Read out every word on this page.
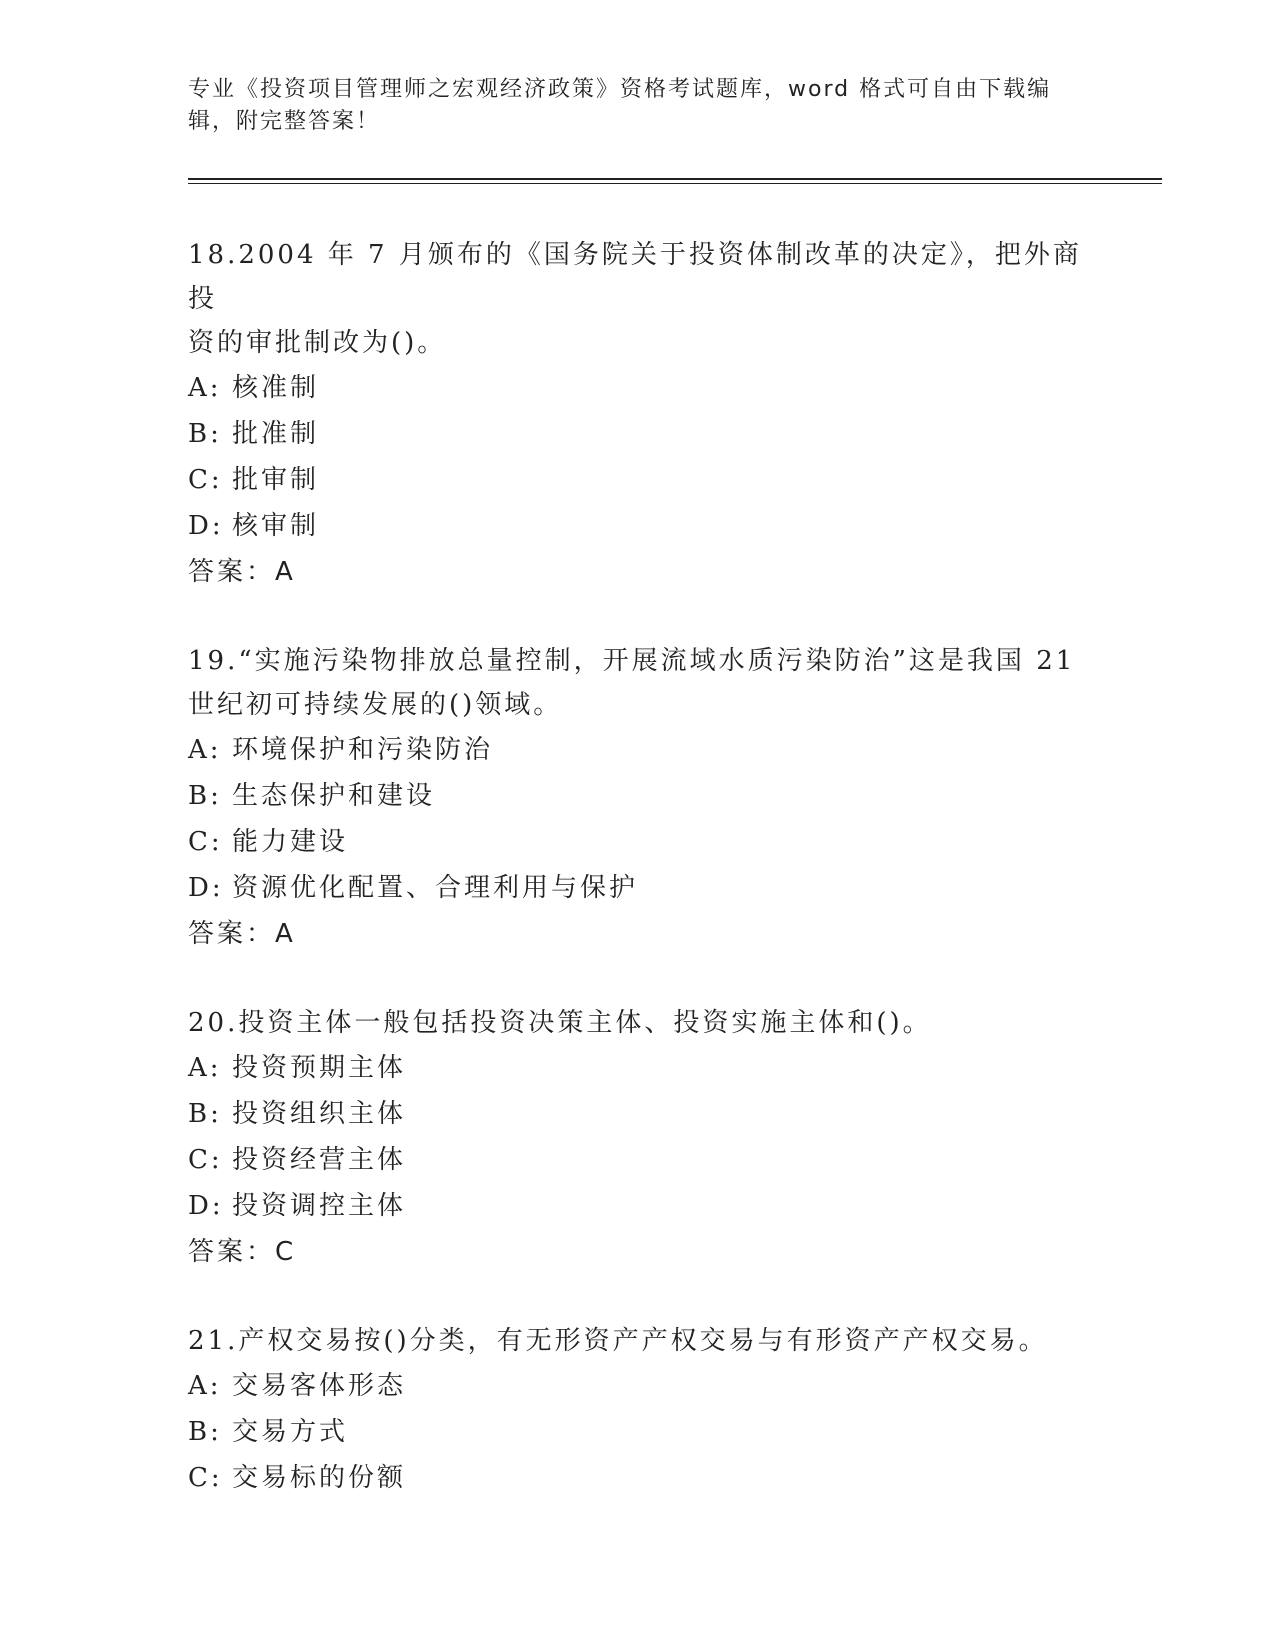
专业《投资项目管理师之宏观经济政策》资格考试题库，word 格式可自由下载编
辑，附完整答案！

18.2004 年 7 月颁布的《国务院关于投资体制改革的决定》，把外商投
资的审批制改为()。

A: 核准制

B: 批准制

C: 批审制

D: 核审制

答案：A

19.“实施污染物排放总量控制，开展流域水质污染防治”这是我国 21
世纪初可持续发展的()领域。

A: 环境保护和污染防治

B: 生态保护和建设

C: 能力建设

D: 资源优化配置、合理利用与保护

答案：A

20.投资主体一般包括投资决策主体、投资实施主体和()。

A: 投资预期主体

B: 投资组织主体

C: 投资经营主体

D: 投资调控主体

答案：C

21.产权交易按()分类，有无形资产产权交易与有形资产产权交易。

A: 交易客体形态

B: 交易方式

C: 交易标的份额
